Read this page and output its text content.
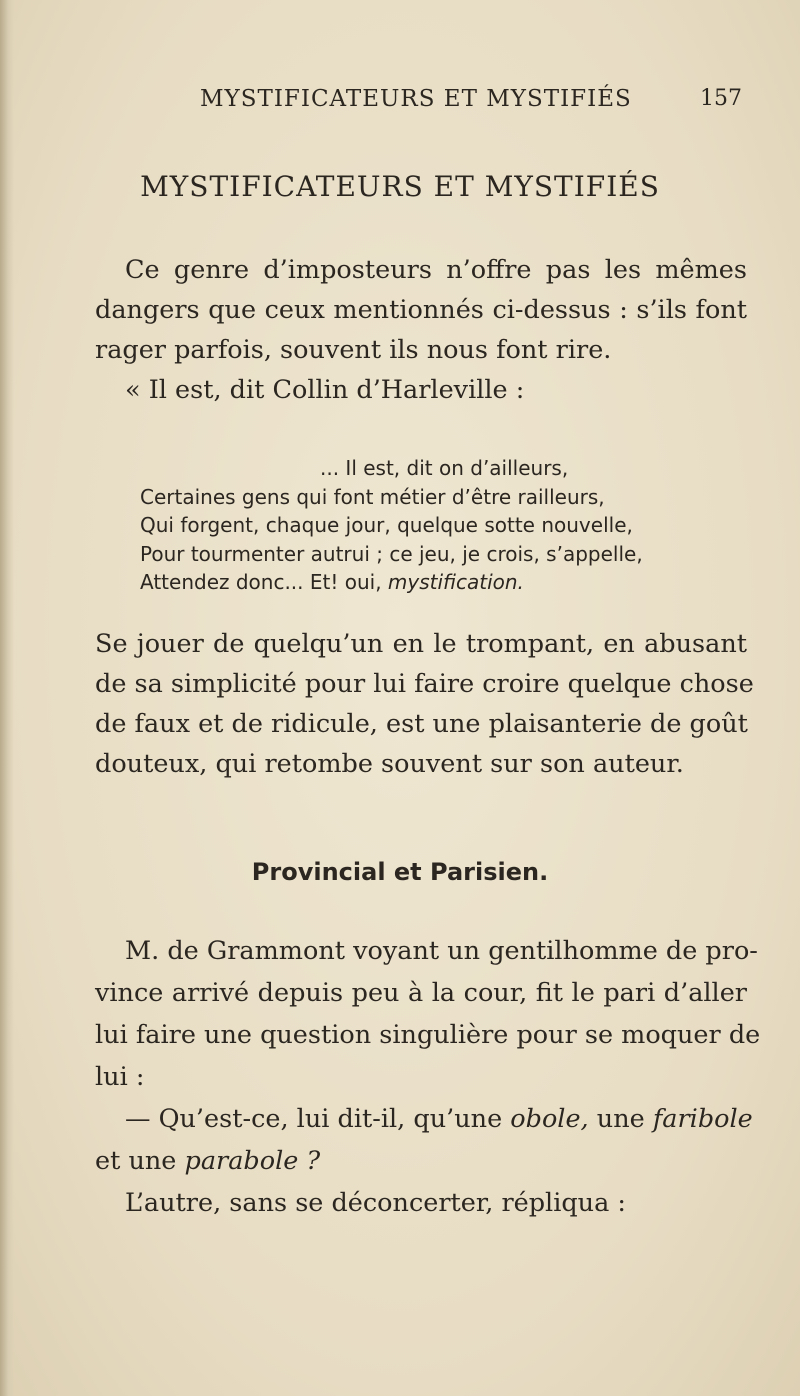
MYSTIFICATEURS ET MYSTIFIÉS	157
MYSTIFICATEURS ET MYSTIFIÉS
Ce genre d’imposteurs n’offre pas les mêmes
dangers que ceux mentionnés ci-dessus : s’ils font
rager parfois, souvent ils nous font rire.
« Il est, dit Collin d’Harleville :
... Il est, dit on d’ailleurs,
Certaines gens qui font métier d’être railleurs,
Qui forgent, chaque jour, quelque sotte nouvelle,
Pour tourmenter autrui ; ce jeu, je crois, s’appelle,
Attendez donc... Et! oui, mystification.
Se jouer de quelqu’un en le trompant, en abusant
de sa simplicité pour lui faire croire quelque chose
de faux et de ridicule, est une plaisanterie de goût
douteux, qui retombe souvent sur son auteur.
Provincial et Parisien.
M. de Grammont voyant un gentilhomme de pro-
vince arrivé depuis peu à la cour, fit le pari d’aller
lui faire une question singulière pour se moquer de
lui :
— Qu’est-ce, lui dit-il, qu’une obole, une faribole
et une parabole ?
L’autre, sans se déconcerter, répliqua :
